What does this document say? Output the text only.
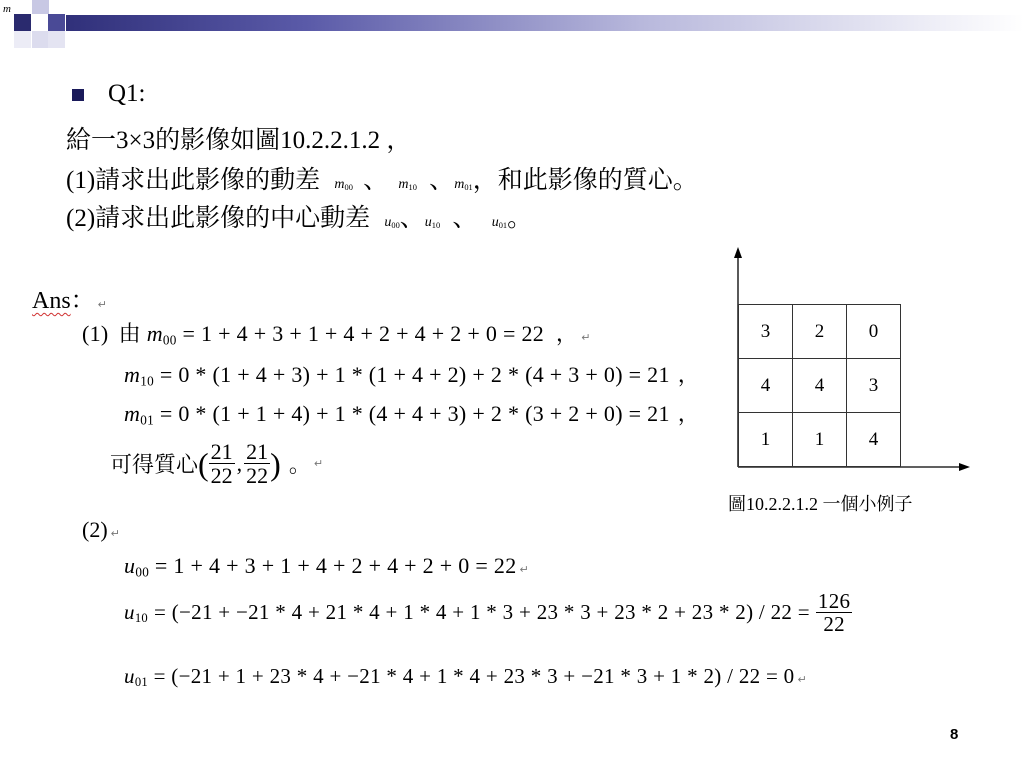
m
Q1:
給一3×3的影像如圖10.2.2.1.2 ，
(1)請求出此影像的動差 $m_{00}$ 、 $m_{10}$ 、$m_{01}$，和此影像的質心。
(2)請求出此影像的中心動差 $u_{00}$、$u_{10}$ 、 $u_{01}$。
Ans： ↵
(1) 由 $m_{00} = 1 + 4 + 3 + 1 + 4 + 2 + 4 + 2 + 0 = 22$ ， ↵
$m_{10} = 0 * (1 + 4 + 3) + 1 * (1 + 4 + 2) + 2 * (4 + 3 + 0) = 21$ ，
$m_{01} = 0 * (1 + 1 + 4) + 1 * (4 + 4 + 3) + 2 * (3 + 2 + 0) = 21$ ，
可得質心 ( $\frac{21}{22}$ , $\frac{21}{22}$ ) 。 ↵
(2) ↵
$u_{00} = 1 + 4 + 3 + 1 + 4 + 2 + 4 + 2 + 0 = 22$ ↵
$u_{10} = (-21 + -21 * 4 + 21 * 4 + 1 * 4 + 1 * 3 + 23 * 3 + 23 * 2 + 23 * 2) / 22 = \frac{126}{22}$
$u_{01} = (-21 + 1 + 23 * 4 + -21 * 4 + 1 * 4 + 23 * 3 + -21 * 3 + 1 * 2) / 22 = 0$ ↵
3	2	0
4	4	3
1	1	4
圖10.2.2.1.2 一個小例子
8
